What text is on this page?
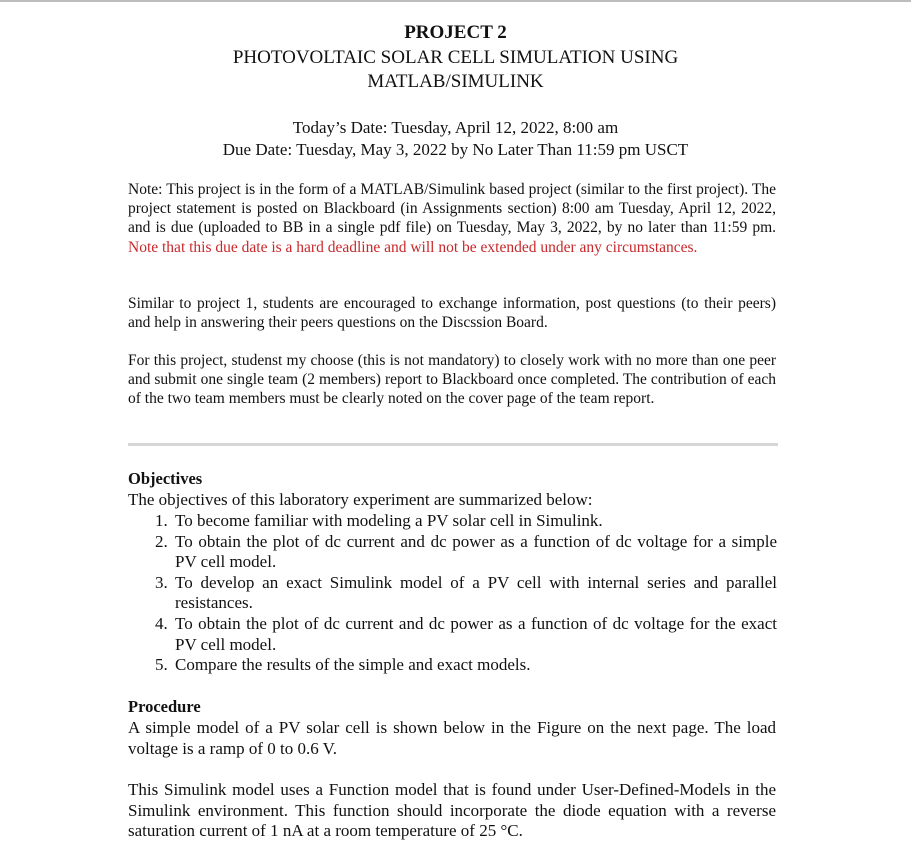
PROJECT 2
PHOTOVOLTAIC SOLAR CELL SIMULATION USING
MATLAB/SIMULINK
Today’s Date: Tuesday, April 12, 2022, 8:00 am
Due Date: Tuesday, May 3, 2022 by No Later Than 11:59 pm USCT
Note: This project is in the form of a MATLAB/Simulink based project (similar to the first project). The project statement is posted on Blackboard (in Assignments section) 8:00 am Tuesday, April 12, 2022, and is due (uploaded to BB in a single pdf file) on Tuesday, May 3, 2022, by no later than 11:59 pm. Note that this due date is a hard deadline and will not be extended under any circumstances.
Similar to project 1, students are encouraged to exchange information, post questions (to their peers) and help in answering their peers questions on the Discssion Board.
For this project, studenst my choose (this is not mandatory) to closely work with no more than one peer and submit one single team (2 members) report to Blackboard once completed. The contribution of each of the two team members must be clearly noted on the cover page of the team report.
Objectives
The objectives of this laboratory experiment are summarized below:
1. To become familiar with modeling a PV solar cell in Simulink.
2. To obtain the plot of dc current and dc power as a function of dc voltage for a simple PV cell model.
3. To develop an exact Simulink model of a PV cell with internal series and parallel resistances.
4. To obtain the plot of dc current and dc power as a function of dc voltage for the exact PV cell model.
5. Compare the results of the simple and exact models.
Procedure
A simple model of a PV solar cell is shown below in the Figure on the next page. The load voltage is a ramp of 0 to 0.6 V.
This Simulink model uses a Function model that is found under User-Defined-Models in the Simulink environment. This function should incorporate the diode equation with a reverse saturation current of 1 nA at a room temperature of 25 °C.
